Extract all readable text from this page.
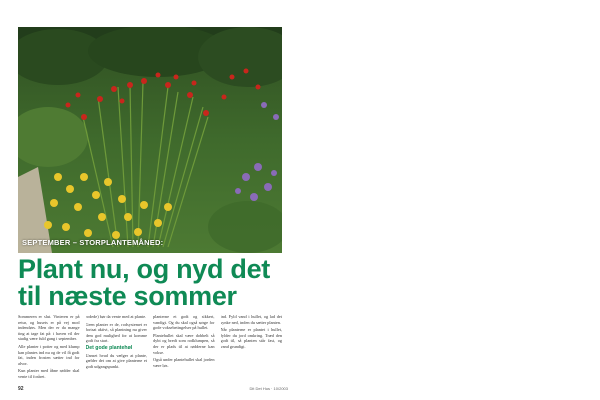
SEPTEMBER – STORPLANTEMÅNED:
Plant nu, og nyd det
til næste sommer

Sommeren er slut. Vinteren er på retur, og husets er på vej mod indendørs. Men der er da mange ting at tage fat på: i haven vil der stadig være fuld gang i september.

Alle planter i potter og med klump kan plantes ind nu og de vil få godt fat, inden frosten sætter ind for alvor.

Kun planter med åbne rødder skal vente til foråret.

rodede) bør da vente med at plante.

Geen planter er de, rodsystemet er fortsat aktivt, så plantning nu giver dem god mulighed for at komme godt fra start.

Det gode plantehøl

Uanset hvad du vælger at plante, gælder det om at give planterne et godt udgangspunkt.

planterne et godt og sikkert, vandigt. Og du skal også sørge for gode voksebetingelser på hullet.

Plantehullet skal være dobbelt så dybt og bredt som rodklumpen, så der er plads til at rødderne kan vokse.

Også under plantehullet skal jorden være løs.

ind. Fyld vand i hullet, og lad det synke ned, inden du sætter planten.

Når planterne er plantet i hullet, fylder du jord omkring. Træd den godt til, så planten står fast, og vand grundigt.

92	Dit Det Hus · 10/2003
